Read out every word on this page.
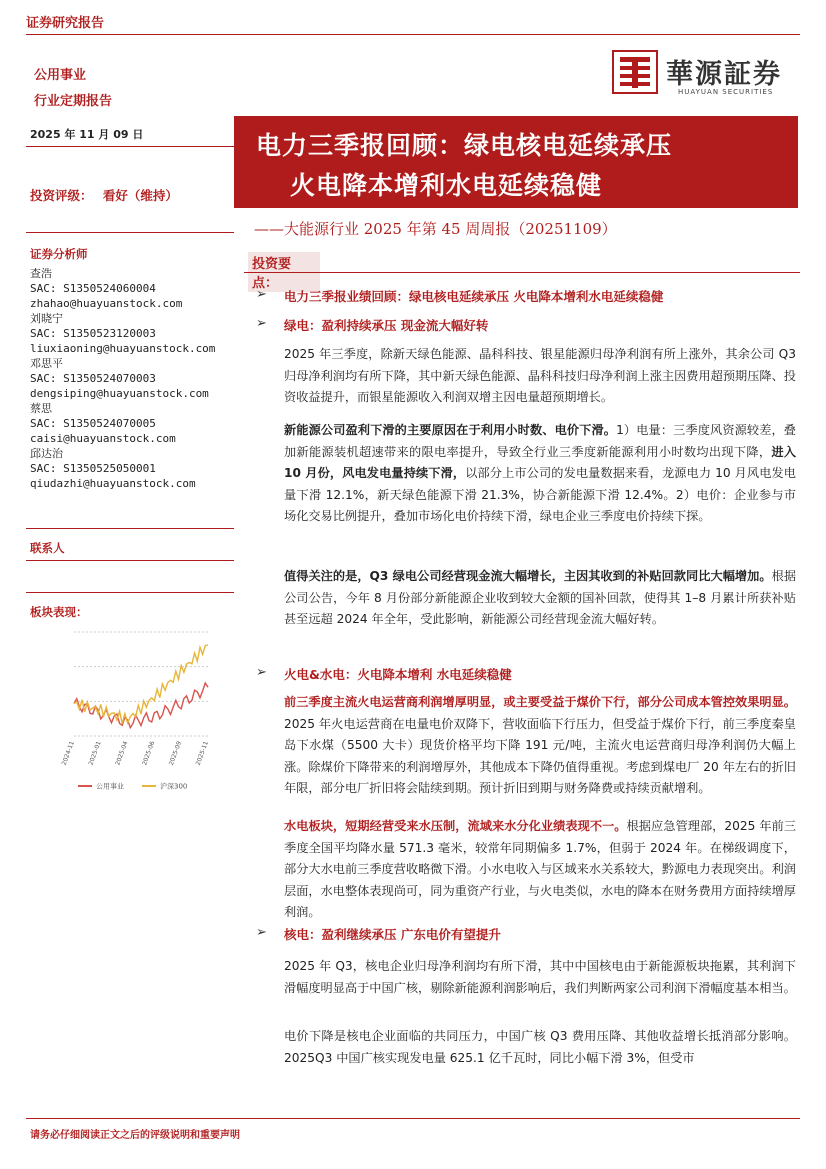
证券研究报告
公用事业
行业定期报告
華源証券
HUAYUAN SECURITIES
2025 年 11 月 09 日	电力三季报回顾：绿电核电延续承压
火电降本增利水电延续稳健
——大能源行业 2025 年第 45 周周报（20251109）
投资评级： 看好（维持）
证券分析师
查浩
SAC: S1350524060004
zhahao@huayuanstock.com
刘晓宁
SAC: S1350523120003
liuxiaoning@huayuanstock.com
邓思平
SAC: S1350524070003
dengsiping@huayuanstock.com
蔡思
SAC: S1350524070005
caisi@huayuanstock.com
邱达治
SAC: S1350525050001
qiudazhi@huayuanstock.com
联系人
板块表现：
2024-11 2025-01 2025-04 2025-06 2025-09 2025-11
公用事业	沪深300
投资要点：
➢ 电力三季报业绩回顾：绿电核电延续承压 火电降本增利水电延续稳健
➢ 绿电：盈利持续承压 现金流大幅好转
2025 年三季度，除新天绿色能源、晶科科技、银星能源归母净利润有所上涨外，其余公司 Q3 归母净利润均有所下降，其中新天绿色能源、晶科科技归母净利润上涨主因费用超预期压降、投资收益提升，而银星能源收入利润双增主因电量超预期增长。
新能源公司盈利下滑的主要原因在于利用小时数、电价下滑。1）电量：三季度风资源较差，叠加新能源装机超速带来的限电率提升，导致全行业三季度新能源利用小时数均出现下降，进入 10 月份，风电发电量持续下滑，以部分上市公司的发电量数据来看，龙源电力 10 月风电发电量下滑 12.1%，新天绿色能源下滑 21.3%，协合新能源下滑 12.4%。2）电价：企业参与市场化交易比例提升，叠加市场化电价持续下滑，绿电企业三季度电价持续下探。
值得关注的是，Q3 绿电公司经营现金流大幅增长，主因其收到的补贴回款同比大幅增加。根据公司公告，今年 8 月份部分新能源企业收到较大金额的国补回款，使得其 1–8 月累计所获补贴甚至远超 2024 年全年，受此影响，新能源公司经营现金流大幅好转。
➢ 火电&水电：火电降本增利 水电延续稳健
前三季度主流火电运营商利润增厚明显，或主要受益于煤价下行，部分公司成本管控效果明显。2025 年火电运营商在电量电价双降下，营收面临下行压力，但受益于煤价下行，前三季度秦皇岛下水煤（5500 大卡）现货价格平均下降 191 元/吨，主流火电运营商归母净利润仍大幅上涨。除煤价下降带来的利润增厚外，其他成本下降仍值得重视。考虑到煤电厂 20 年左右的折旧年限，部分电厂折旧将会陆续到期。预计折旧到期与财务降费或持续贡献增利。
水电板块，短期经营受来水压制，流域来水分化业绩表现不一。根据应急管理部，2025 年前三季度全国平均降水量 571.3 毫米，较常年同期偏多 1.7%，但弱于 2024 年。在梯级调度下，部分大水电前三季度营收略微下滑。小水电收入与区域来水关系较大，黔源电力表现突出。利润层面，水电整体表现尚可，同为重资产行业，与火电类似，水电的降本在财务费用方面持续增厚利润。
➢ 核电：盈利继续承压 广东电价有望提升
2025 年 Q3，核电企业归母净利润均有所下滑，其中中国核电由于新能源板块拖累，其利润下滑幅度明显高于中国广核，剔除新能源利润影响后，我们判断两家公司利润下滑幅度基本相当。
电价下降是核电企业面临的共同压力，中国广核 Q3 费用压降、其他收益增长抵消部分影响。2025Q3 中国广核实现发电量 625.1 亿千瓦时，同比小幅下滑 3%，但受市
请务必仔细阅读正文之后的评级说明和重要声明
